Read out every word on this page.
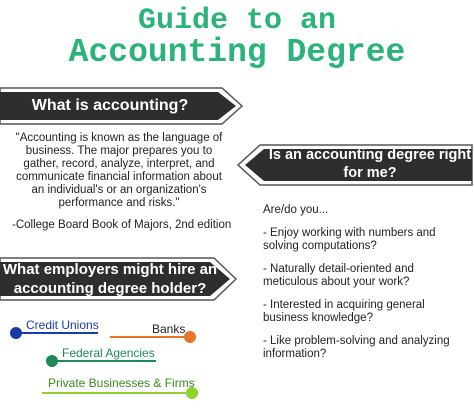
Guide to an
Accounting Degree
What is accounting?

"Accounting is known as the language of business. The major prepares you to gather, record, analyze, interpret, and communicate financial information about an individual's or an organization's performance and risks."

-College Board Book of Majors, 2nd edition

Is an accounting degree right
for me?

Are/do you...

- Enjoy working with numbers and solving computations?

- Naturally detail-oriented and meticulous about your work?

- Interested in acquiring general business knowledge?

- Like problem-solving and analyzing information?

What employers might hire an
accounting degree holder?
Credit Unions	Banks
Federal Agencies
Private Businesses & Firms
